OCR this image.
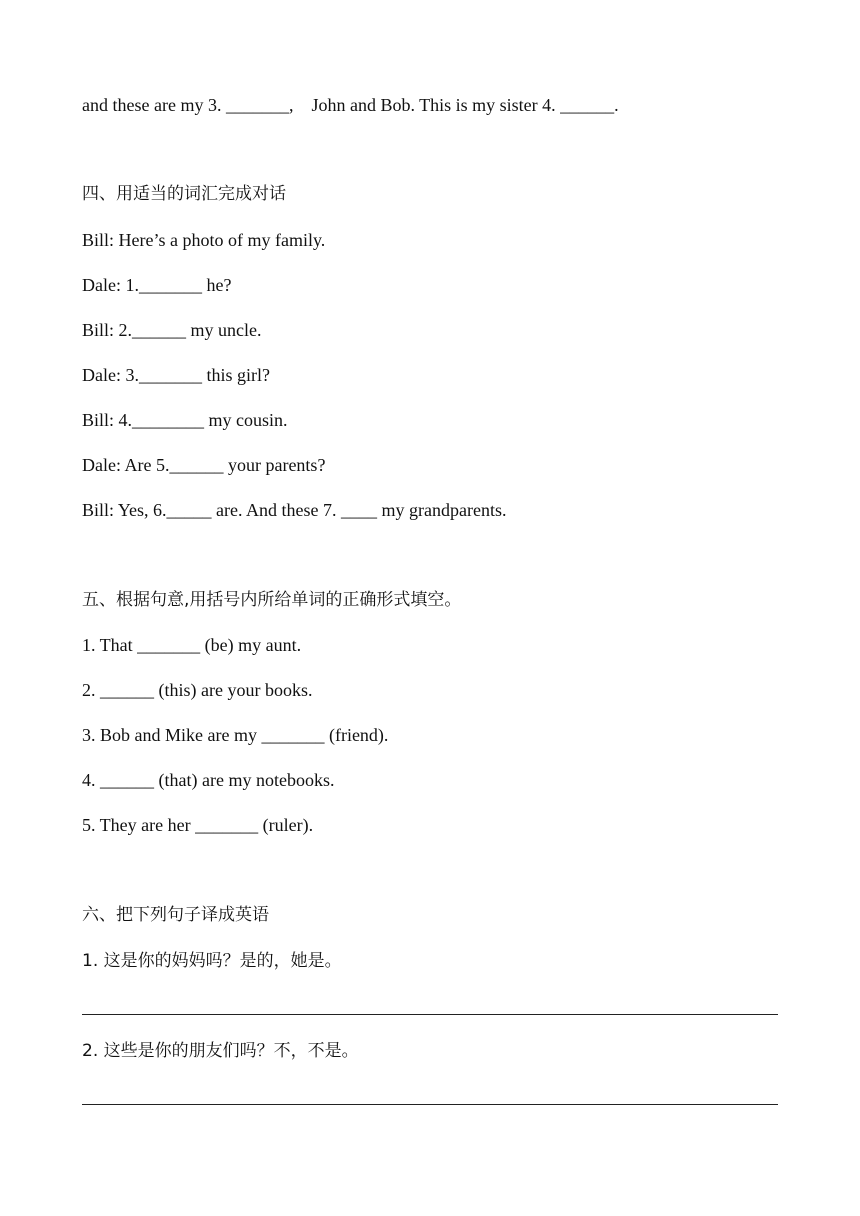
and these are my 3. _______,    John and Bob. This is my sister 4. ______.
四、用适当的词汇完成对话
Bill: Here’s a photo of my family.
Dale: 1._______ he?
Bill: 2.______ my uncle.
Dale: 3._______ this girl?
Bill: 4.________ my cousin.
Dale: Are 5.______ your parents?
Bill: Yes, 6._____ are. And these 7. ____ my grandparents.
五、根据句意,用括号内所给单词的正确形式填空。
1. That _______ (be) my aunt.
2. ______ (this) are your books.
3. Bob and Mike are my _______ (friend).
4. ______ (that) are my notebooks.
5. They are her _______ (ruler).
六、把下列句子译成英语
1. 这是你的妈妈吗？是的，她是。
2. 这些是你的朋友们吗？不，不是。
